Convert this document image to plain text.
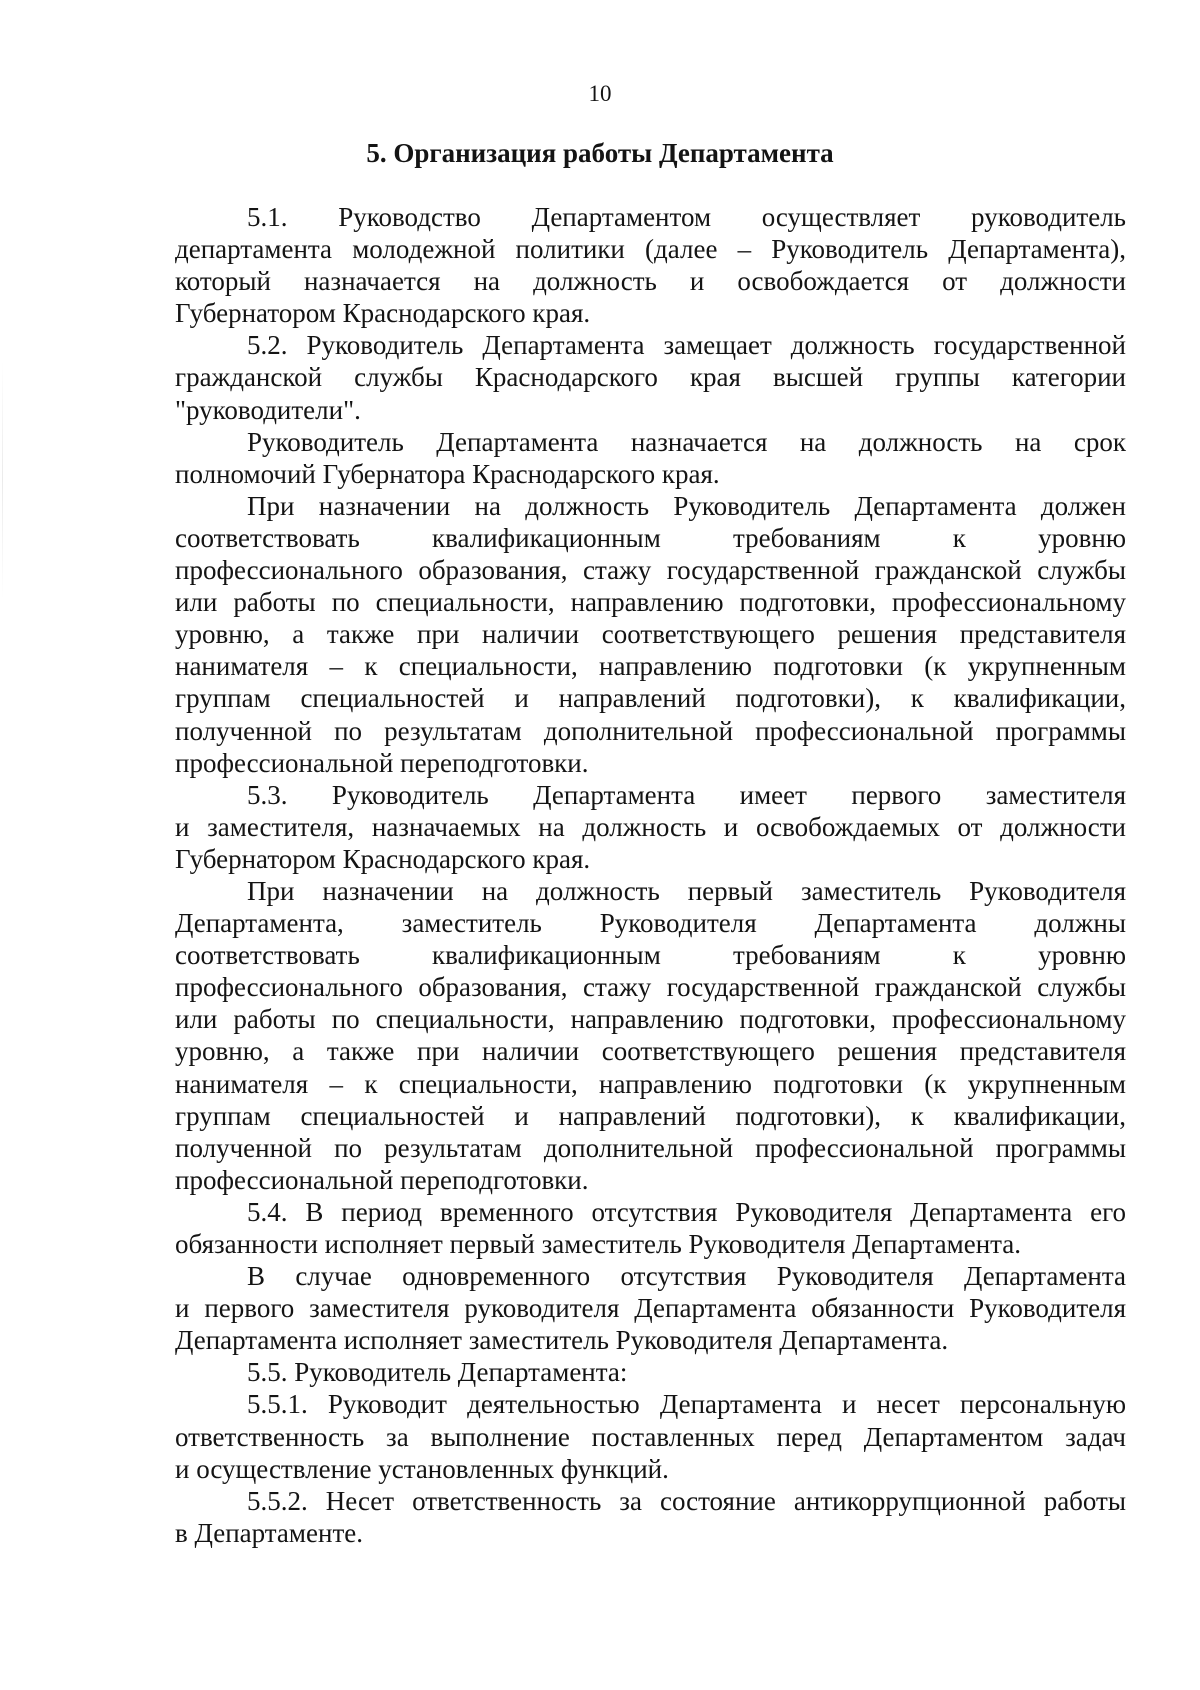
10
5. Организация работы Департамента
5.1. Руководство Департаментом осуществляет руководитель
департамента молодежной политики (далее – Руководитель Департамента),
который назначается на должность и освобождается от должности
Губернатором Краснодарского края.
5.2. Руководитель Департамента замещает должность государственной
гражданской службы Краснодарского края высшей группы категории
"руководители".
Руководитель Департамента назначается на должность на срок
полномочий Губернатора Краснодарского края.
При назначении на должность Руководитель Департамента должен
соответствовать квалификационным требованиям к уровню
профессионального образования, стажу государственной гражданской службы
или работы по специальности, направлению подготовки, профессиональному
уровню, а также при наличии соответствующего решения представителя
нанимателя – к специальности, направлению подготовки (к укрупненным
группам специальностей и направлений подготовки), к квалификации,
полученной по результатам дополнительной профессиональной программы
профессиональной переподготовки.
5.3. Руководитель Департамента имеет первого заместителя
и заместителя, назначаемых на должность и освобождаемых от должности
Губернатором Краснодарского края.
При назначении на должность первый заместитель Руководителя
Департамента, заместитель Руководителя Департамента должны
соответствовать квалификационным требованиям к уровню
профессионального образования, стажу государственной гражданской службы
или работы по специальности, направлению подготовки, профессиональному
уровню, а также при наличии соответствующего решения представителя
нанимателя – к специальности, направлению подготовки (к укрупненным
группам специальностей и направлений подготовки), к квалификации,
полученной по результатам дополнительной профессиональной программы
профессиональной переподготовки.
5.4. В период временного отсутствия Руководителя Департамента его
обязанности исполняет первый заместитель Руководителя Департамента.
В случае одновременного отсутствия Руководителя Департамента
и первого заместителя руководителя Департамента обязанности Руководителя
Департамента исполняет заместитель Руководителя Департамента.
5.5. Руководитель Департамента:
5.5.1. Руководит деятельностью Департамента и несет персональную
ответственность за выполнение поставленных перед Департаментом задач
и осуществление установленных функций.
5.5.2. Несет ответственность за состояние антикоррупционной работы
в Департаменте.
